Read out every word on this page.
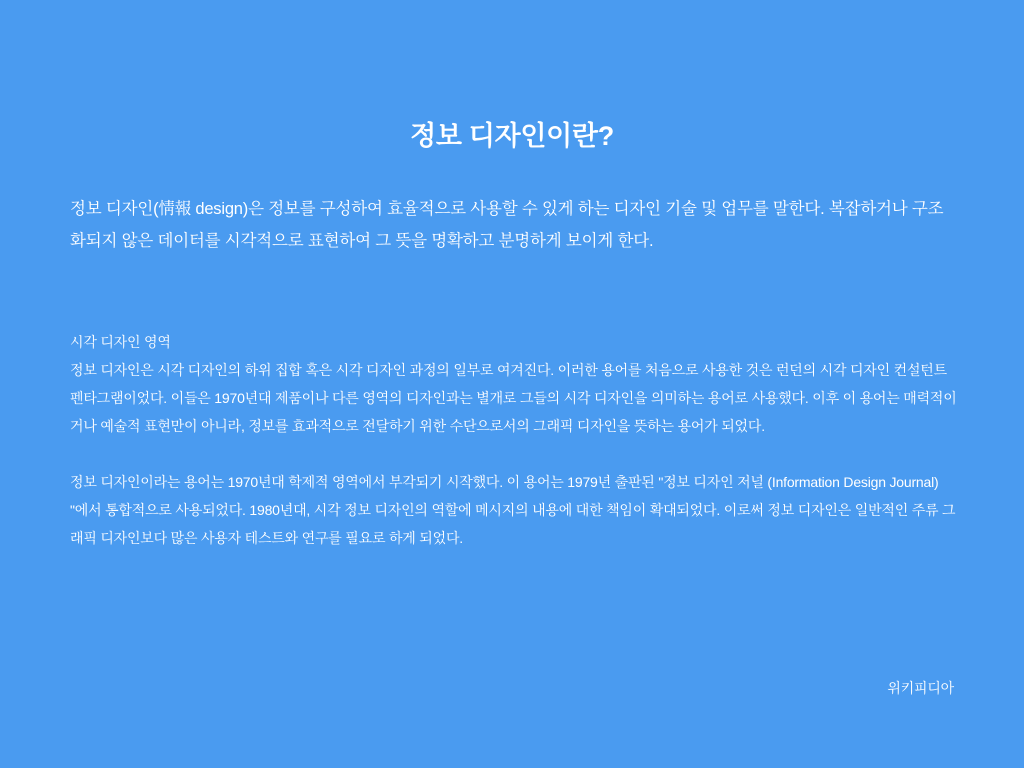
정보 디자인이란?

정보 디자인(情報 design)은 정보를 구성하여 효율적으로 사용할 수 있게 하는 디자인 기술 및 업무를 말한다. 복잡하거나 구조화되지 않은 데이터를 시각적으로 표현하여 그 뜻을 명확하고 분명하게 보이게 한다.

시각 디자인 영역
정보 디자인은 시각 디자인의 하위 집합 혹은 시각 디자인 과정의 일부로 여겨진다. 이러한 용어를 처음으로 사용한 것은 런던의 시각 디자인 컨설턴트 펜타그램이었다. 이들은 1970년대 제품이나 다른 영역의 디자인과는 별개로 그들의 시각 디자인을 의미하는 용어로 사용했다. 이후 이 용어는 매력적이거나 예술적 표현만이 아니라, 정보를 효과적으로 전달하기 위한 수단으로서의 그래픽 디자인을 뜻하는 용어가 되었다.
정보 디자인이라는 용어는 1970년대 학제적 영역에서 부각되기 시작했다. 이 용어는 1979년 출판된 "정보 디자인 저널 (Information Design Journal) "에서 통합적으로 사용되었다. 1980년대, 시각 정보 디자인의 역할에 메시지의 내용에 대한 책임이 확대되었다. 이로써 정보 디자인은 일반적인 주류 그래픽 디자인보다 많은 사용자 테스트와 연구를 필요로 하게 되었다.
위키피디아
